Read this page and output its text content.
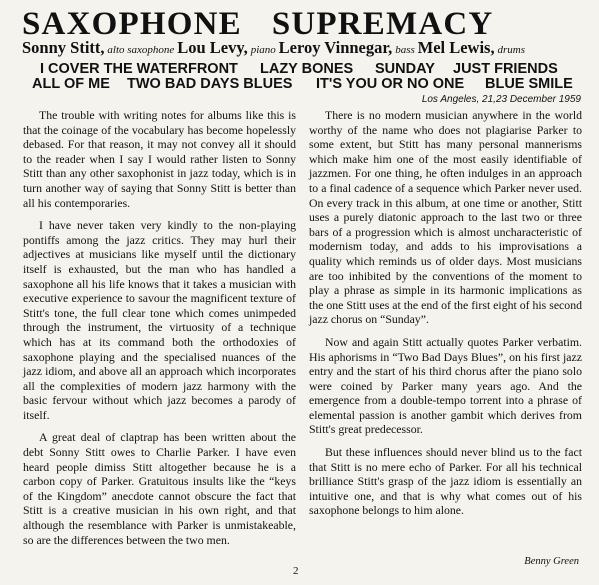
SAXOPHONE SUPREMACY
Sonny Stitt, alto saxophone Lou Levy, piano Leroy Vinnegar, bass Mel Lewis, drums
I COVER THE WATERFRONT LAZY BONES SUNDAY JUST FRIENDS
ALL OF ME TWO BAD DAYS BLUES IT'S YOU OR NO ONE BLUE SMILE
Los Angeles, 21,23 December 1959

The trouble with writing notes for albums like this is that the coinage of the vocabulary has become hopelessly debased. For that reason, it may not convey all it should to the reader when I say I would rather listen to Sonny Stitt than any other saxophonist in jazz today, which is in turn another way of saying that Sonny Stitt is better than all his contemporaries.

I have never taken very kindly to the non-playing pontiffs among the jazz critics. They may hurl their adjectives at musicians like myself until the dictionary itself is exhausted, but the man who has handled a saxophone all his life knows that it takes a musician with executive experience to savour the magnificent texture of Stitt's tone, the full clear tone which comes unimpeded through the instrument, the virtuosity of a technique which has at its command both the orthodoxies of saxophone playing and the specialised nuances of the jazz idiom, and above all an approach which incorporates all the complexities of modern jazz harmony with the basic fervour without which jazz becomes a parody of itself.

A great deal of claptrap has been written about the debt Sonny Stitt owes to Charlie Parker. I have even heard people dimiss Stitt altogether because he is a carbon copy of Parker. Gratuitous insults like the “keys of the Kingdom” anecdote cannot obscure the fact that Stitt is a creative musician in his own right, and that although the resemblance with Parker is unmistakeable, so are the differences between the two men.

There is no modern musician anywhere in the world worthy of the name who does not plagiarise Parker to some extent, but Stitt has many personal mannerisms which make him one of the most easily identifiable of jazzmen. For one thing, he often indulges in an approach to a final cadence of a sequence which Parker never used. On every track in this album, at one time or another, Stitt uses a purely diatonic approach to the last two or three bars of a progression which is almost uncharacteristic of modernism today, and adds to his improvisations a quality which reminds us of older days. Most musicians are too inhibited by the conventions of the moment to play a phrase as simple in its harmonic implications as the one Stitt uses at the end of the first eight of his second jazz chorus on “Sunday”.

Now and again Stitt actually quotes Parker verbatim. His aphorisms in “Two Bad Days Blues”, on his first jazz entry and the start of his third chorus after the piano solo were coined by Parker many years ago. And the emergence from a double-tempo torrent into a phrase of elemental passion is another gambit which derives from Stitt's great predecessor.

But these influences should never blind us to the fact that Stitt is no mere echo of Parker. For all his technical brilliance Stitt's grasp of the jazz idiom is essentially an intuitive one, and that is why what comes out of his saxophone belongs to him alone.

Benny Green
2
